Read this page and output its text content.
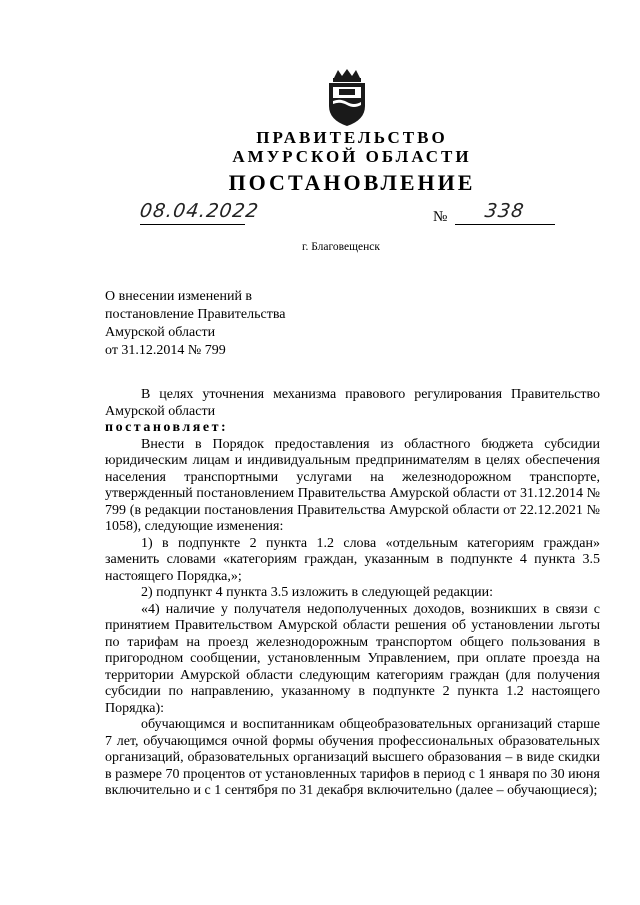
ПРАВИТЕЛЬСТВО
АМУРСКОЙ ОБЛАСТИ
ПОСТАНОВЛЕНИЕ
08.04.2022	№ 338
г. Благовещенск
О внесении изменений в
постановление Правительства
Амурской области
от 31.12.2014 № 799

В целях уточнения механизма правового регулирования Правительство Амурской области

постановляет:

Внести в Порядок предоставления из областного бюджета субсидии юридическим лицам и индивидуальным предпринимателям в целях обеспечения населения транспортными услугами на железнодорожном транспорте, утвержденный постановлением Правительства Амурской области от 31.12.2014 № 799 (в редакции постановления Правительства Амурской области от 22.12.2021 № 1058), следующие изменения:

1) в подпункте 2 пункта 1.2 слова «отдельным категориям граждан» заменить словами «категориям граждан, указанным в подпункте 4 пункта 3.5 настоящего Порядка,»;

2) подпункт 4 пункта 3.5 изложить в следующей редакции:

«4) наличие у получателя недополученных доходов, возникших в связи с принятием Правительством Амурской области решения об установлении льготы по тарифам на проезд железнодорожным транспортом общего пользования в пригородном сообщении, установленным Управлением, при оплате проезда на территории Амурской области следующим категориям граждан (для получения субсидии по направлению, указанному в подпункте 2 пункта 1.2 настоящего Порядка):

обучающимся и воспитанникам общеобразовательных организаций старше 7 лет, обучающимся очной формы обучения профессиональных образовательных организаций, образовательных организаций высшего образования – в виде скидки в размере 70 процентов от установленных тарифов в период с 1 января по 30 июня включительно и с 1 сентября по 31 декабря включительно (далее – обучающиеся);
